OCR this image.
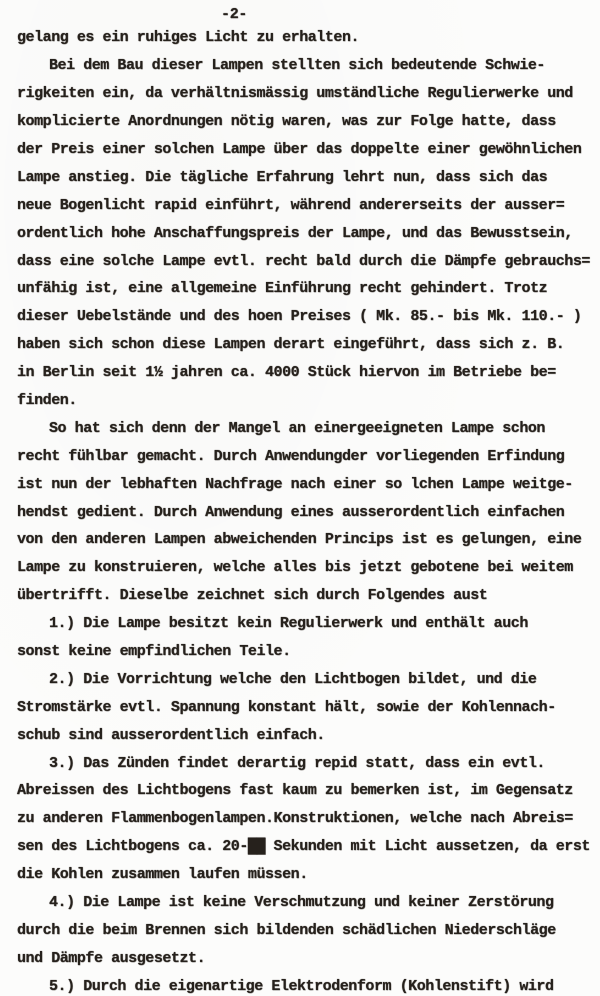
-2-
gelang es ein ruhiges Licht zu erhalten.
Bei dem Bau dieser Lampen stellten sich bedeutende Schwie-
rigkeiten ein, da verhältnismässig umständliche Regulierwerke und
komplicierte Anordnungen nötig waren, was zur Folge hatte, dass
der Preis einer solchen Lampe über das doppelte einer gewöhnlichen
Lampe anstieg. Die tägliche Erfahrung lehrt nun, dass sich das
neue Bogenlicht rapid einführt, während andererseits der ausser=
ordentlich hohe Anschaffungspreis der Lampe, und das Bewusstsein,
dass eine solche Lampe evtl. recht bald durch die Dämpfe gebrauchs=
unfähig ist, eine allgemeine Einführung recht gehindert. Trotz
dieser Uebelstände und des hoen Preises ( Mk. 85.- bis Mk. 110.- )
haben sich schon diese Lampen derart eingeführt, dass sich z. B.
in Berlin seit 1½ jahren ca. 4000 Stück hiervon im Betriebe be=
finden.
So hat sich denn der Mangel an einergeeigneten Lampe schon
recht fühlbar gemacht. Durch Anwendungder vorliegenden Erfindung
ist nun der lebhaften Nachfrage nach einer so lchen Lampe weitge-
hendst gedient. Durch Anwendung eines ausserordentlich einfachen
von den anderen Lampen abweichenden Princips ist es gelungen, eine
Lampe zu konstruieren, welche alles bis jetzt gebotene bei weitem
übertrifft. Dieselbe zeichnet sich durch Folgendes aust
1.) Die Lampe besitzt kein Regulierwerk und enthält auch
sonst keine empfindlichen Teile.
2.) Die Vorrichtung welche den Lichtbogen bildet, und die
Stromstärke evtl. Spannung konstant hält, sowie der Kohlennach-
schub sind ausserordentlich einfach.
3.) Das Zünden findet derartig repid statt, dass ein evtl.
Abreissen des Lichtbogens fast kaum zu bemerken ist, im Gegensatz
zu anderen Flammenbogenlampen.Konstruktionen, welche nach Abreis=
sen des Lichtbogens ca. 20-██ Sekunden mit Licht aussetzen, da erst
die Kohlen zusammen laufen müssen.
4.) Die Lampe ist keine Verschmutzung und keiner Zerstörung
durch die beim Brennen sich bildenden schädlichen Niederschläge
und Dämpfe ausgesetzt.
5.) Durch die eigenartige Elektrodenform (Kohlenstift) wird
